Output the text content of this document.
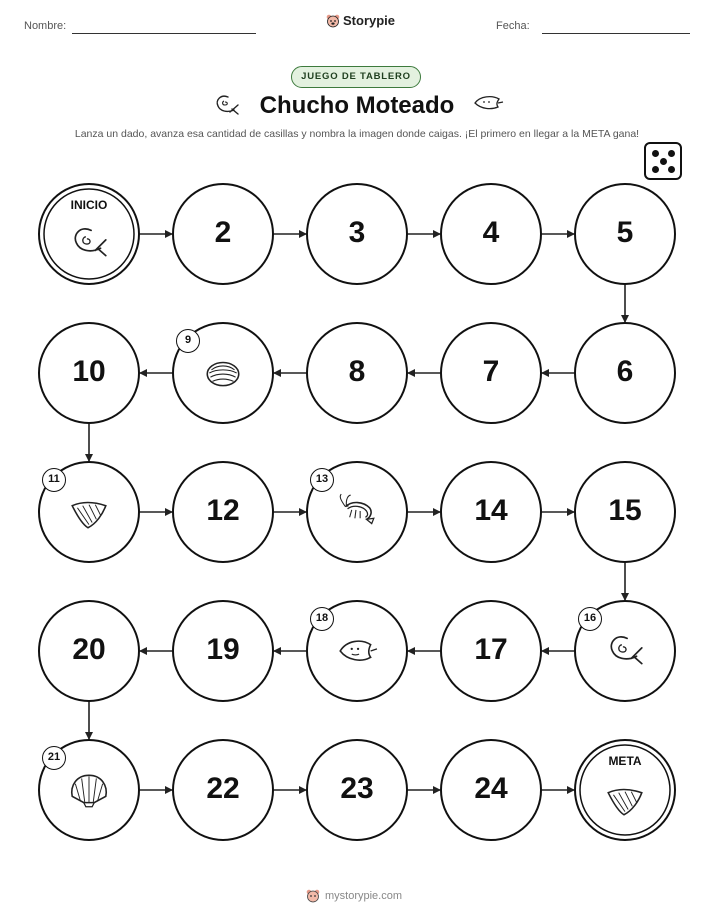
Nombre:	Storypie	Fecha:
JUEGO DE TABLERO
Chucho Moteado
Lanza un dado, avanza esa cantidad de casillas y nombra la imagen donde caigas. ¡El primero en llegar a la META gana!
INICIO
2	3	4	5
6
7
8
9
10
11
12
13
14	15
16
17
18
19
20
21
22	23	24
META
mystorypie.com
